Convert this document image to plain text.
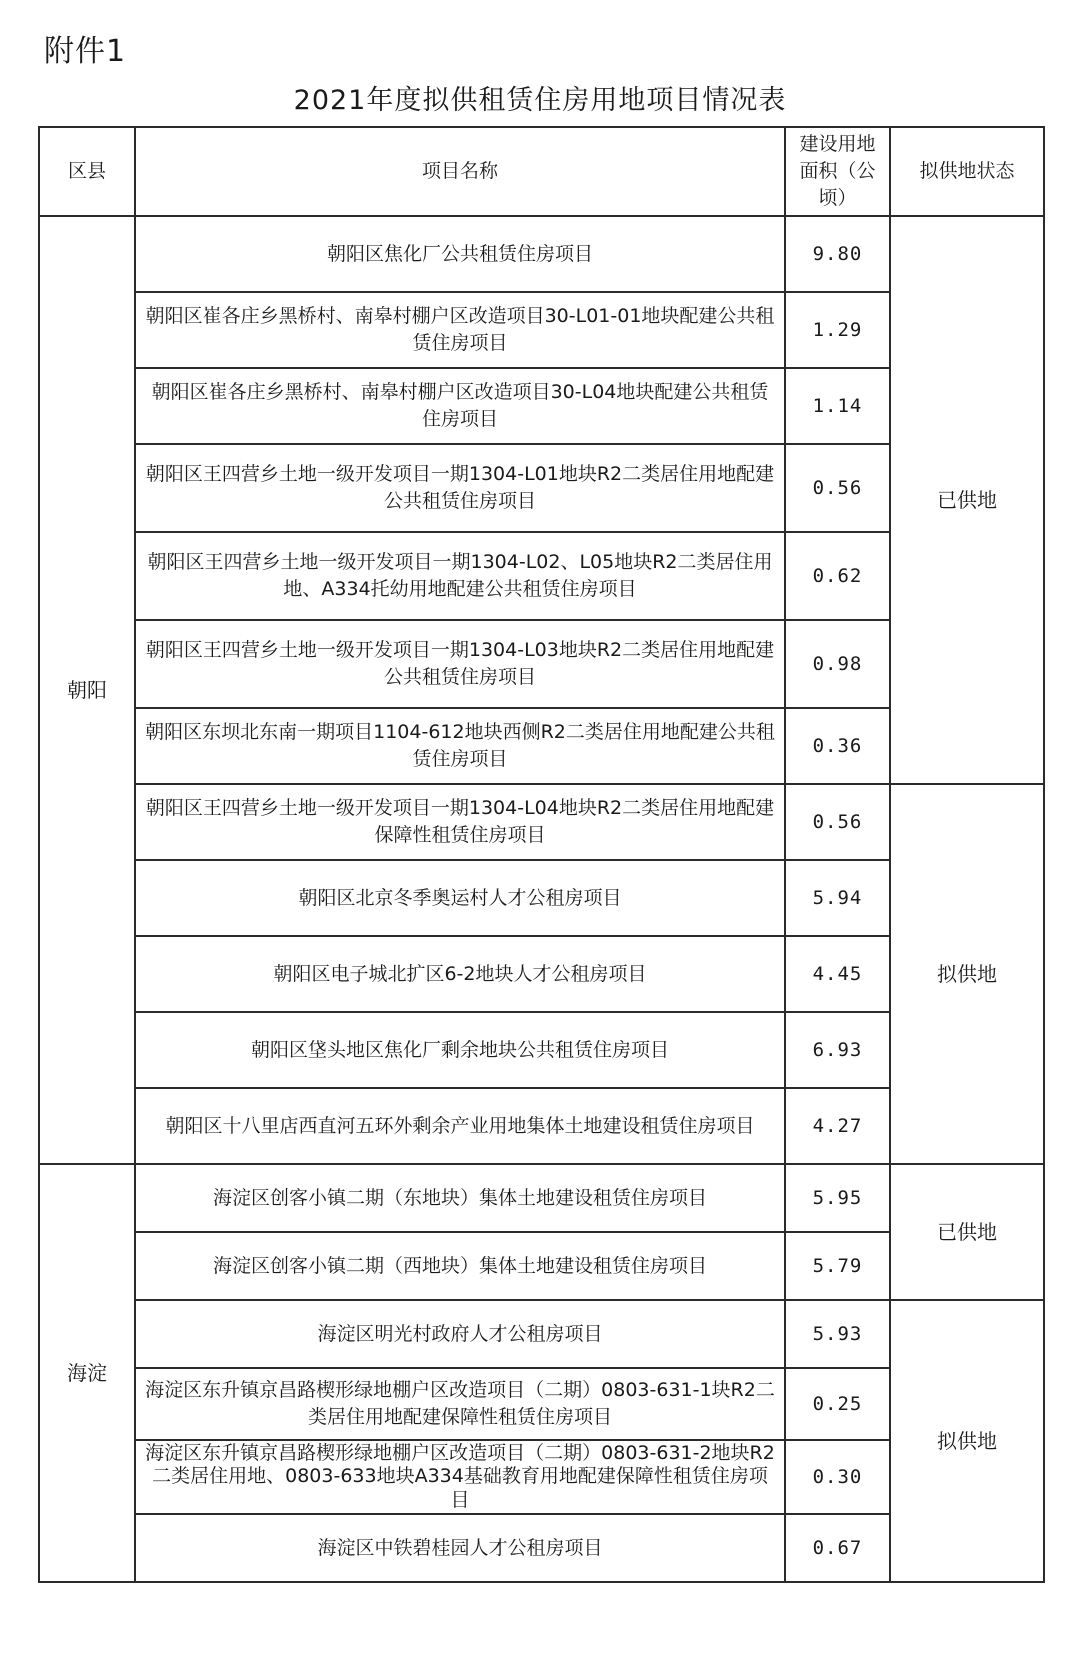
附件1
2021年度拟供租赁住房用地项目情况表
区县	项目名称	建设用地面积（公顷）	拟供地状态
朝阳	朝阳区焦化厂公共租赁住房项目	9.80	已供地
	朝阳区崔各庄乡黑桥村、南皋村棚户区改造项目30-L01-01地块配建公共租赁住房项目	1.29	
	朝阳区崔各庄乡黑桥村、南皋村棚户区改造项目30-L04地块配建公共租赁住房项目	1.14	
	朝阳区王四营乡土地一级开发项目一期1304-L01地块R2二类居住用地配建公共租赁住房项目	0.56	
	朝阳区王四营乡土地一级开发项目一期1304-L02、L05地块R2二类居住用地、A334托幼用地配建公共租赁住房项目	0.62	
	朝阳区王四营乡土地一级开发项目一期1304-L03地块R2二类居住用地配建公共租赁住房项目	0.98	
	朝阳区东坝北东南一期项目1104-612地块西侧R2二类居住用地配建公共租赁住房项目	0.36	
	朝阳区王四营乡土地一级开发项目一期1304-L04地块R2二类居住用地配建保障性租赁住房项目	0.56	拟供地
	朝阳区北京冬季奥运村人才公租房项目	5.94	
	朝阳区电子城北扩区6-2地块人才公租房项目	4.45	
	朝阳区垡头地区焦化厂剩余地块公共租赁住房项目	6.93	
	朝阳区十八里店西直河五环外剩余产业用地集体土地建设租赁住房项目	4.27	
海淀	海淀区创客小镇二期（东地块）集体土地建设租赁住房项目	5.95	已供地
	海淀区创客小镇二期（西地块）集体土地建设租赁住房项目	5.79	
	海淀区明光村政府人才公租房项目	5.93	拟供地
	海淀区东升镇京昌路楔形绿地棚户区改造项目（二期）0803-631-1块R2二类居住用地配建保障性租赁住房项目	0.25	
	海淀区东升镇京昌路楔形绿地棚户区改造项目（二期）0803-631-2地块R2二类居住用地、0803-633地块A334基础教育用地配建保障性租赁住房项目	0.30	
	海淀区中铁碧桂园人才公租房项目	0.67	
